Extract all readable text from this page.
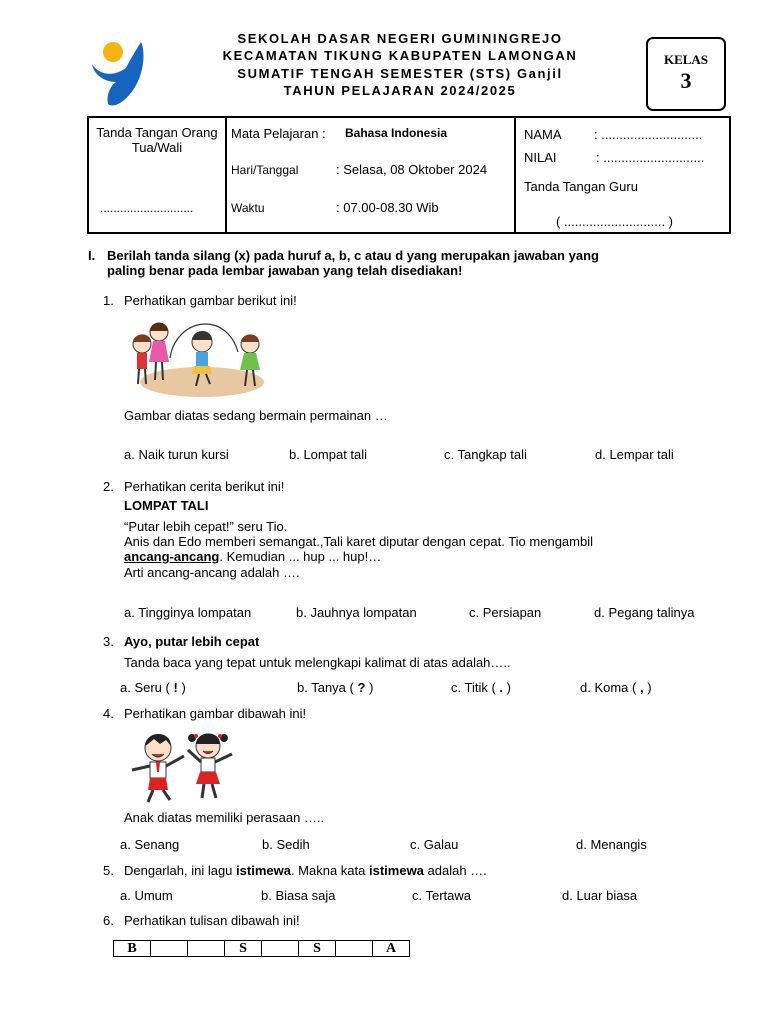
SEKOLAH DASAR NEGERI GUMININGREJO
KECAMATAN TIKUNG KABUPATEN LAMONGAN
SUMATIF TENGAH SEMESTER (STS) Ganjil
TAHUN PELAJARAN 2024/2025
KELAS
3
Tanda Tangan Orang Tua/Wali
............................
Mata Pelajaran : Bahasa Indonesia
Hari/Tanggal	: Selasa, 08 Oktober 2024
Waktu	: 07.00-08.30 Wib
NAMA : ............................
NILAI	: ............................
Tanda Tangan Guru
( ............................ )
I. Berilah tanda silang (x) pada huruf a, b, c atau d yang merupakan jawaban yang
paling benar pada lembar jawaban yang telah disediakan!
1. Perhatikan gambar berikut ini!
Gambar diatas sedang bermain permainan …
a. Naik turun kursi	b. Lompat tali	c. Tangkap tali	d. Lempar tali
2. Perhatikan cerita berikut ini!
LOMPAT TALI
“Putar lebih cepat!” seru Tio.
Anis dan Edo memberi semangat.,Tali karet diputar dengan cepat. Tio mengambil
ancang-ancang. Kemudian ... hup ... hup!…
Arti ancang-ancang adalah ….
a. Tingginya lompatan	b. Jauhnya lompatan	c. Persiapan	d. Pegang talinya
3. Ayo, putar lebih cepat
Tanda baca yang tepat untuk melengkapi kalimat di atas adalah…..
a. Seru ( ! )	b. Tanya ( ? )	c. Titik ( . )	d. Koma ( , )
4. Perhatikan gambar dibawah ini!
Anak diatas memiliki perasaan …..
a. Senang	b. Sedih	c. Galau	d. Menangis
5. Dengarlah, ini lagu istimewa. Makna kata istimewa adalah ….
a. Umum	b. Biasa saja	c. Tertawa	d. Luar biasa
6. Perhatikan tulisan dibawah ini!
B			S		S		A
